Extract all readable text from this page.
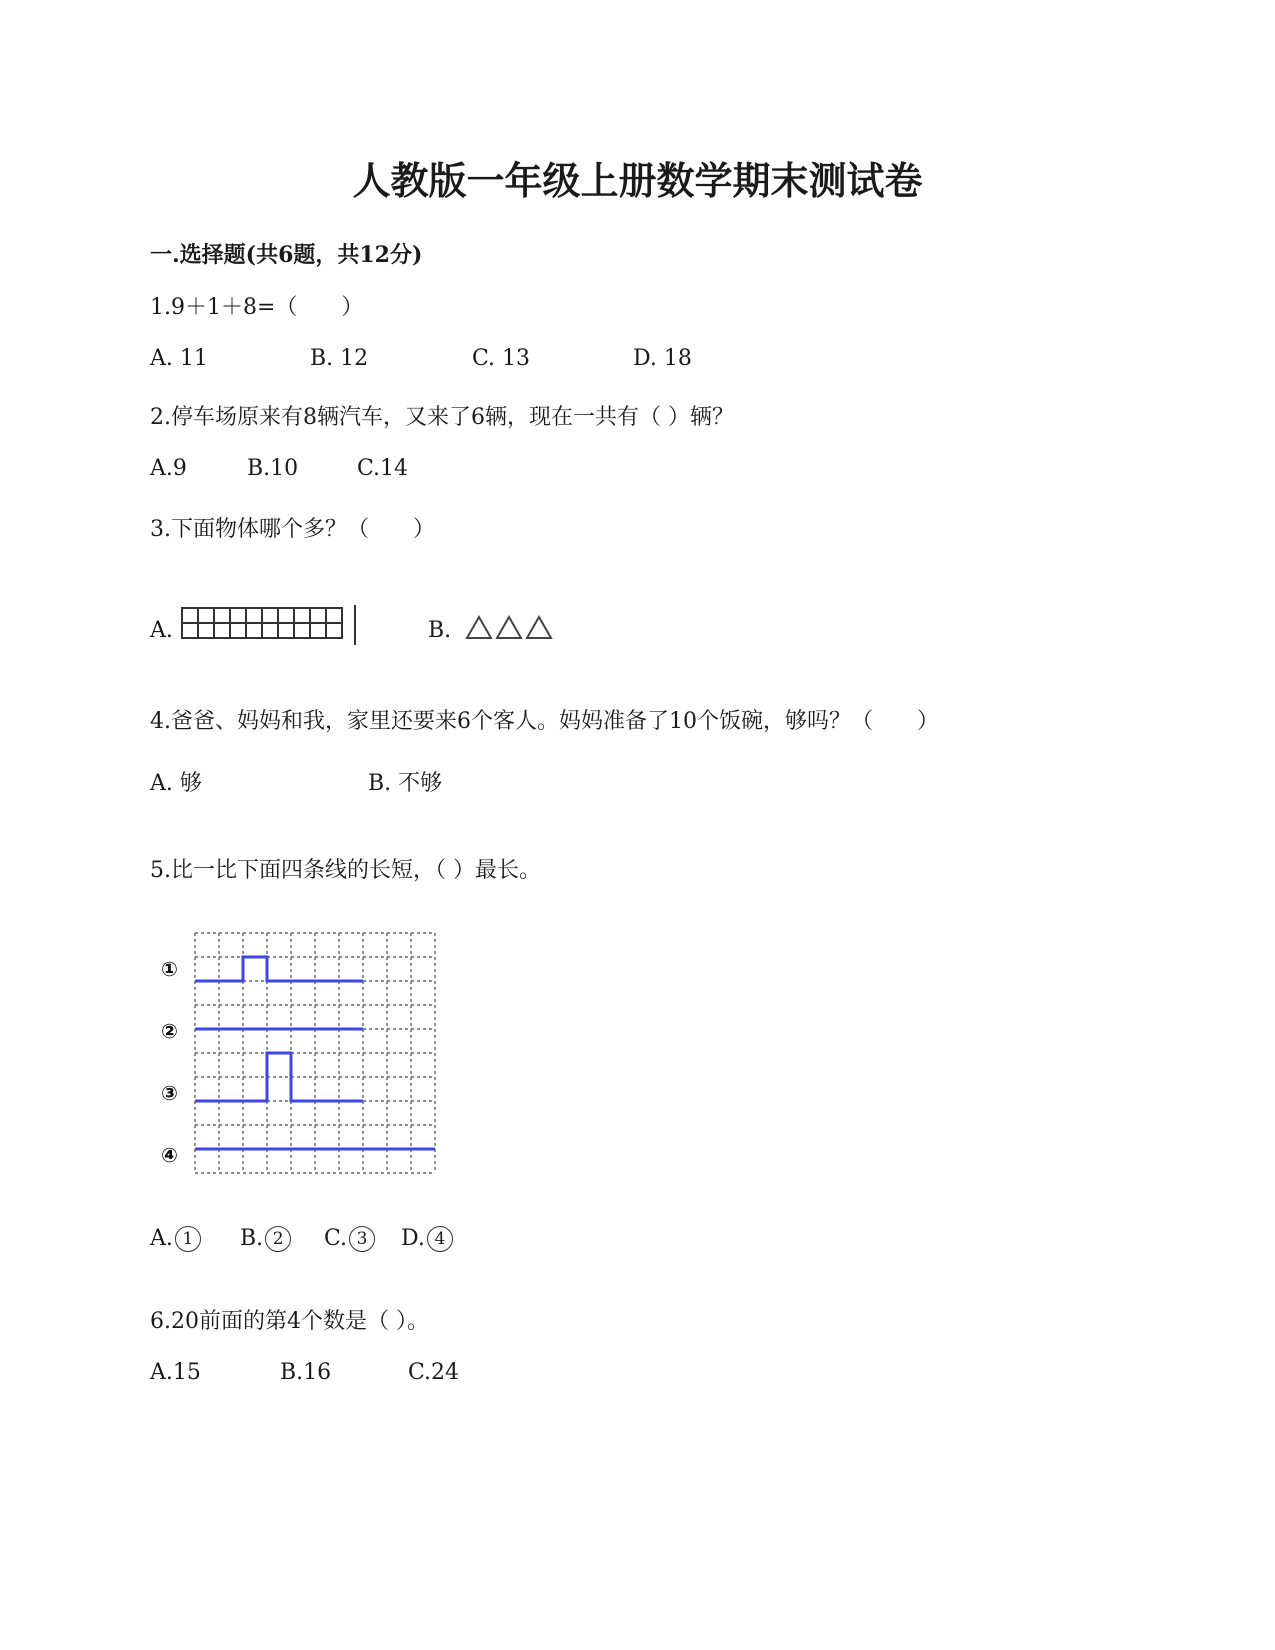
人教版一年级上册数学期末测试卷
一.选择题(共6题，共12分)
1.9＋1＋8=（　　）
A. 11	B. 12	C. 13	D. 18
2.停车场原来有8辆汽车，又来了6辆，现在一共有（ ）辆？
A.9	B.10	C.14
3.下面物体哪个多？（　　）
A.	B.
4.爸爸、妈妈和我，家里还要来6个客人。妈妈准备了10个饭碗，够吗？（　　）
A. 够	B. 不够
5.比一比下面四条线的长短，（ ）最长。
①
②
③
④
A. 1	B. 2	C. 3	D. 4
6.20前面的第4个数是（ ）。
A.15	B.16	C.24
